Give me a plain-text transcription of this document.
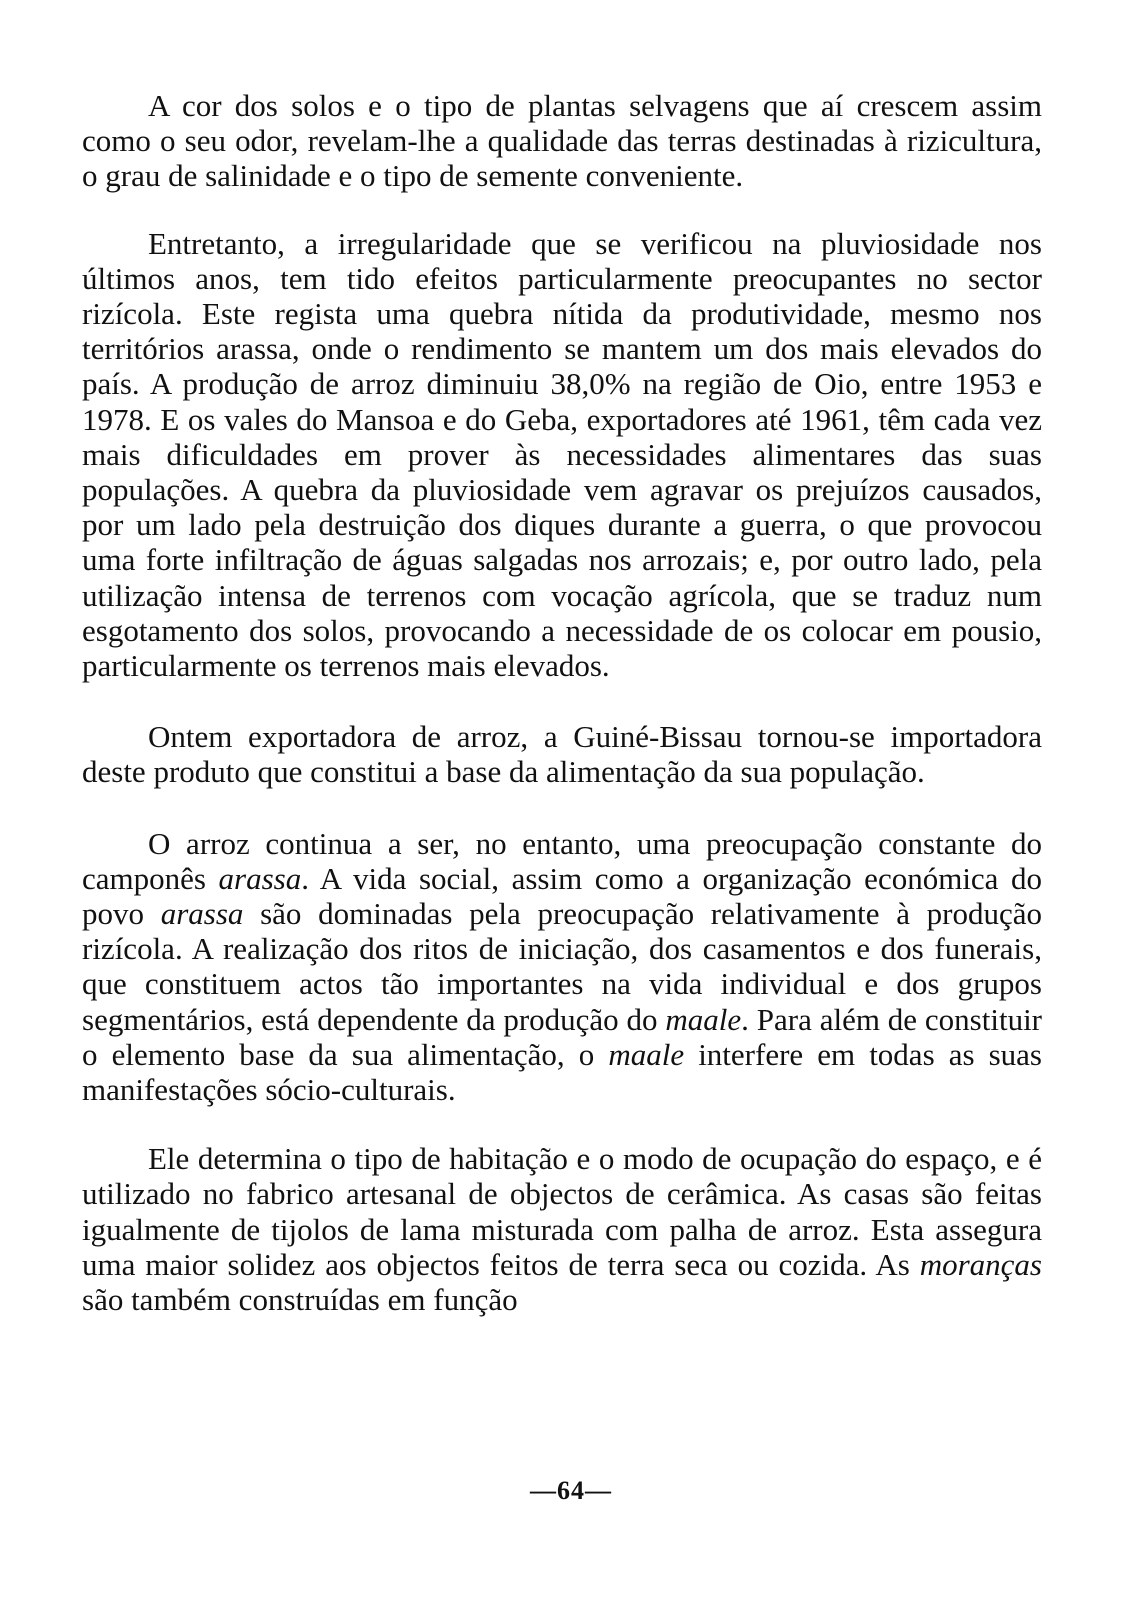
A cor dos solos e o tipo de plantas selvagens que aí crescem assim como o seu odor, revelam-lhe a qualidade das terras destinadas à rizicultura, o grau de salinidade e o tipo de semente conveniente.

Entretanto, a irregularidade que se verificou na pluviosidade nos últimos anos, tem tido efeitos particularmente preocupantes no sector rizícola. Este regista uma quebra nítida da produtividade, mesmo nos territórios arassa, onde o rendimento se mantem um dos mais elevados do país. A produção de arroz diminuiu 38,0% na região de Oio, entre 1953 e 1978. E os vales do Mansoa e do Geba, exportadores até 1961, têm cada vez mais dificuldades em prover às necessidades alimentares das suas populações. A quebra da pluviosidade vem agravar os prejuízos causados, por um lado pela destruição dos diques durante a guerra, o que provocou uma forte infiltração de águas salgadas nos arrozais; e, por outro lado, pela utilização intensa de terrenos com vocação agrícola, que se traduz num esgotamento dos solos, provocando a necessidade de os colocar em pousio, particularmente os terrenos mais elevados.

Ontem exportadora de arroz, a Guiné-Bissau tornou-se importadora deste produto que constitui a base da alimentação da sua população.

O arroz continua a ser, no entanto, uma preocupação constante do camponês arassa. A vida social, assim como a organização económica do povo arassa são dominadas pela preocupação relativamente à produção rizícola. A realização dos ritos de iniciação, dos casamentos e dos funerais, que constituem actos tão importantes na vida individual e dos grupos segmentários, está dependente da produção do maale. Para além de constituir o elemento base da sua alimentação, o maale interfere em todas as suas manifestações sócio-culturais.

Ele determina o tipo de habitação e o modo de ocupação do espaço, e é utilizado no fabrico artesanal de objectos de cerâmica. As casas são feitas igualmente de tijolos de lama misturada com palha de arroz. Esta assegura uma maior solidez aos objectos feitos de terra seca ou cozida. As moranças são também construídas em função

—64—
